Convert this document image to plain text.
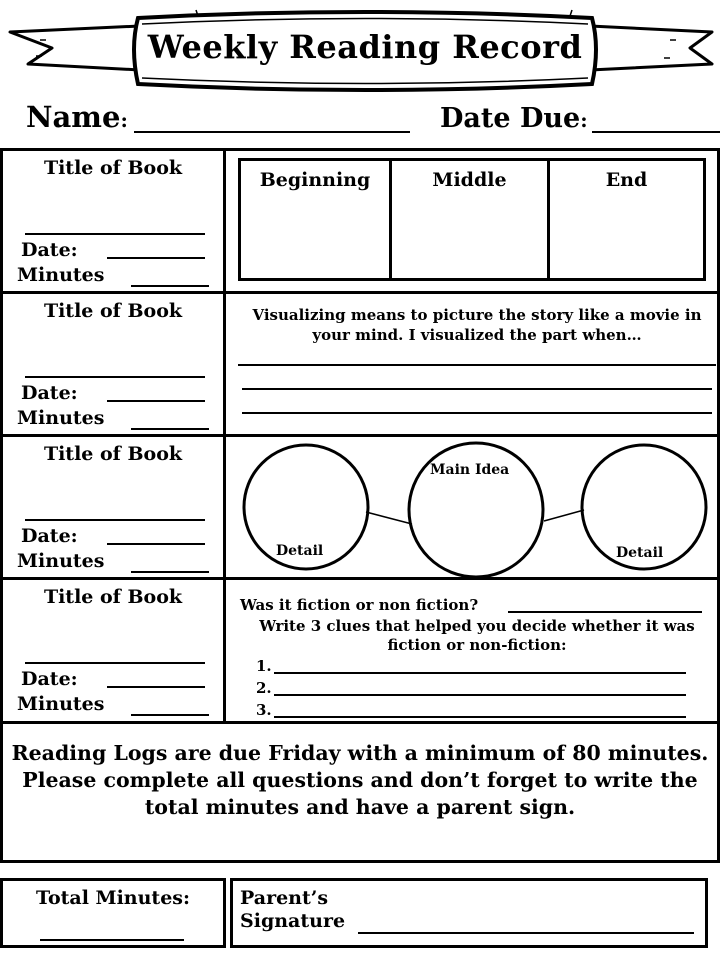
Weekly Reading Record
Name:	Date Due:
Title of Book
Date:
Minutes
Title of Book
Date:
Minutes
Title of Book
Date:
Minutes
Title of Book
Date:
Minutes
Beginning	Middle	End
Visualizing means to picture the story like a movie in your mind. I visualized the part when…
Main Idea
Detail	Detail
Was it fiction or non fiction?
Write 3 clues that helped you decide whether it was fiction or non-fiction:
1.
2.
3.
Reading Logs are due Friday with a minimum of 80 minutes. Please complete all questions and don’t forget to write the total minutes and have a parent sign.
Total Minutes:	Parent’s
Signature
